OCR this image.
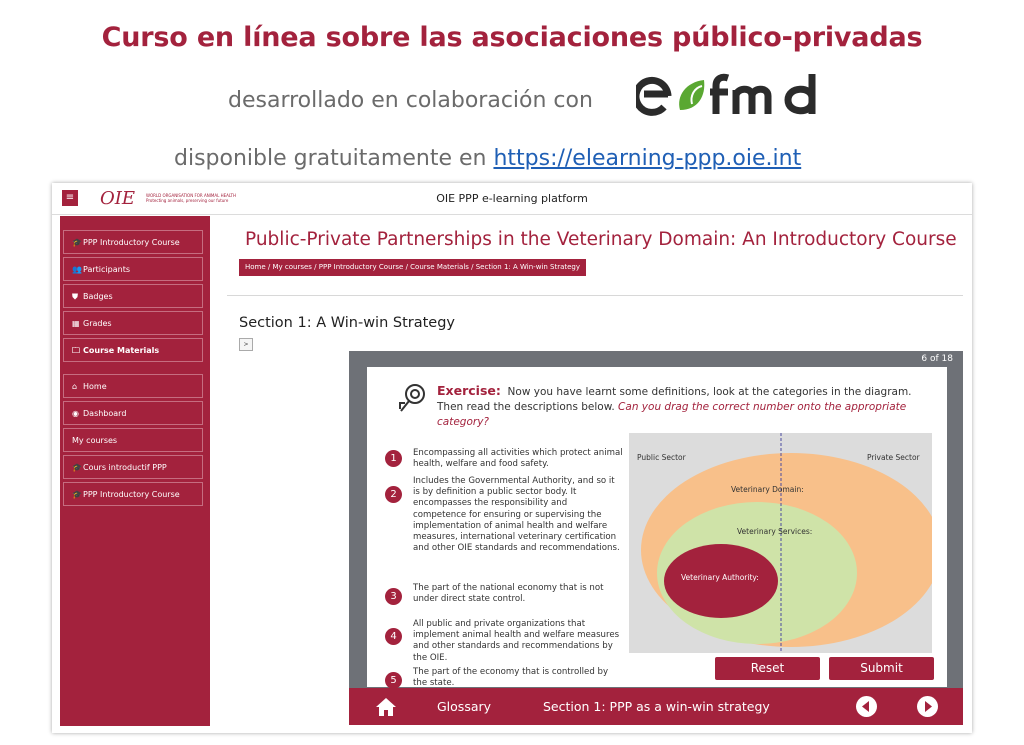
Curso en línea sobre las asociaciones público-privadas
desarrollado en colaboración con
disponible gratuitamente en https://elearning-ppp.oie.int
≡ OIE	WORLD ORGANISATION FOR ANIMAL HEALTH Protecting animals, preserving our future	OIE PPP e-learning platform
🎓PPP Introductory Course
👥Participants
⛊ Badges
▦ Grades
🗀 Course Materials
⌂ Home
◉ Dashboard
My courses
🎓Cours introductif PPP
🎓PPP Introductory Course
Public-Private Partnerships in the Veterinary Domain: An Introductory Course
Home / My courses / PPP Introductory Course / Course Materials / Section 1: A Win-win Strategy
Section 1: A Win-win Strategy
>
6 of 18
Exercise: Now you have learnt some definitions, look at the categories in the diagram. Then read the descriptions below. Can you drag the correct number onto the appropriate category?
1	Encompassing all activities which protect animal health, welfare and food safety.
2
Includes the Governmental Authority, and so it is by definition a public sector body. It encompasses the responsibility and competence for ensuring or supervising the implementation of animal health and welfare measures, international veterinary certification and other OIE standards and recommendations.
3
The part of the national economy that is not under direct state control.
4
All public and private organizations that implement animal health and welfare measures and other standards and recommendations by the OIE.
5
The part of the economy that is controlled by the state.
Public Sector	Private Sector
Veterinary Domain:
Veterinary Services:
Veterinary Authority:
Reset	Submit
Glossary	Section 1: PPP as a win-win strategy
